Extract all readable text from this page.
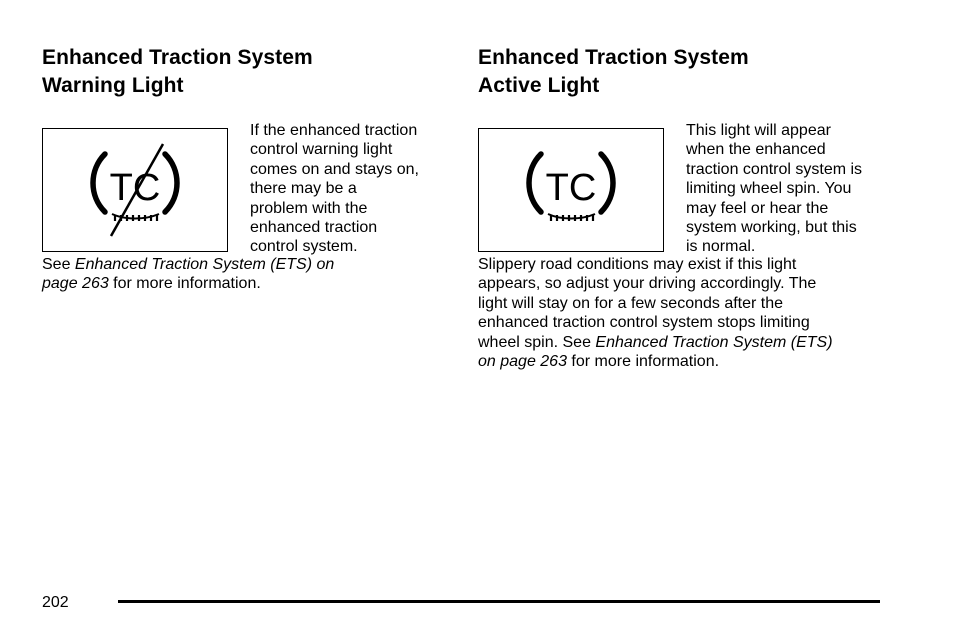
Enhanced Traction System
Warning Light
TC
If the enhanced traction
control warning light
comes on and stays on,
there may be a
problem with the
enhanced traction
control system.

See Enhanced Traction System (ETS) on
page 263 for more information.

Enhanced Traction System
Active Light
TC
This light will appear
when the enhanced
traction control system is
limiting wheel spin. You
may feel or hear the
system working, but this
is normal.

Slippery road conditions may exist if this light
appears, so adjust your driving accordingly. The
light will stay on for a few seconds after the
enhanced traction control system stops limiting
wheel spin. See Enhanced Traction System (ETS)
on page 263 for more information.

202
